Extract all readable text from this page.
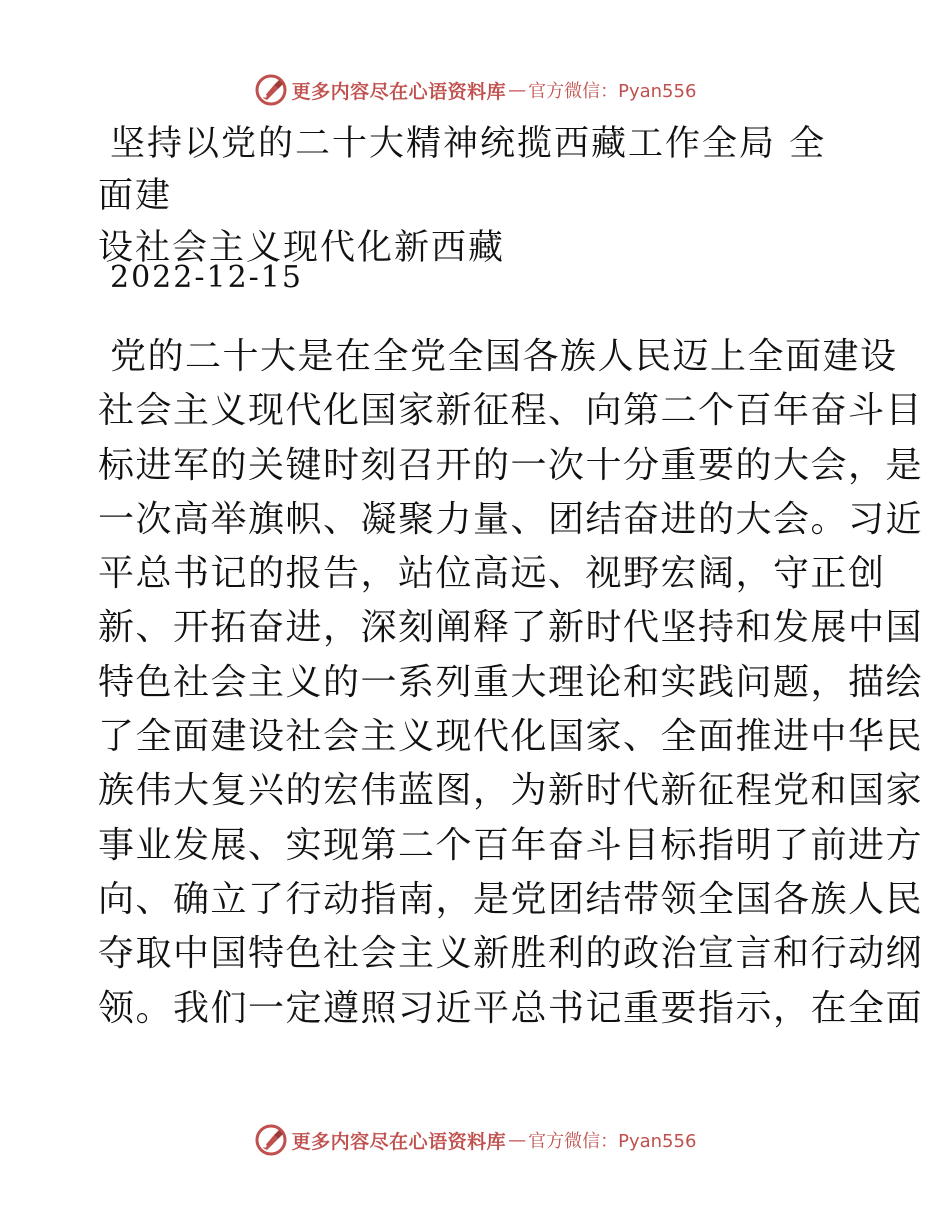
更多内容尽在心语资料库 — 官方微信：Pyan556
坚持以党的二十大精神统揽西藏工作全局 全面建
设社会主义现代化新西藏
2022-12-15
党的二十大是在全党全国各族人民迈上全面建设
社会主义现代化国家新征程、向第二个百年奋斗目
标进军的关键时刻召开的一次十分重要的大会，是
一次高举旗帜、凝聚力量、团结奋进的大会。习近
平总书记的报告，站位高远、视野宏阔，守正创
新、开拓奋进，深刻阐释了新时代坚持和发展中国
特色社会主义的一系列重大理论和实践问题，描绘
了全面建设社会主义现代化国家、全面推进中华民
族伟大复兴的宏伟蓝图，为新时代新征程党和国家
事业发展、实现第二个百年奋斗目标指明了前进方
向、确立了行动指南，是党团结带领全国各族人民
夺取中国特色社会主义新胜利的政治宣言和行动纲
领。我们一定遵照习近平总书记重要指示，在全面
更多内容尽在心语资料库 — 官方微信：Pyan556
